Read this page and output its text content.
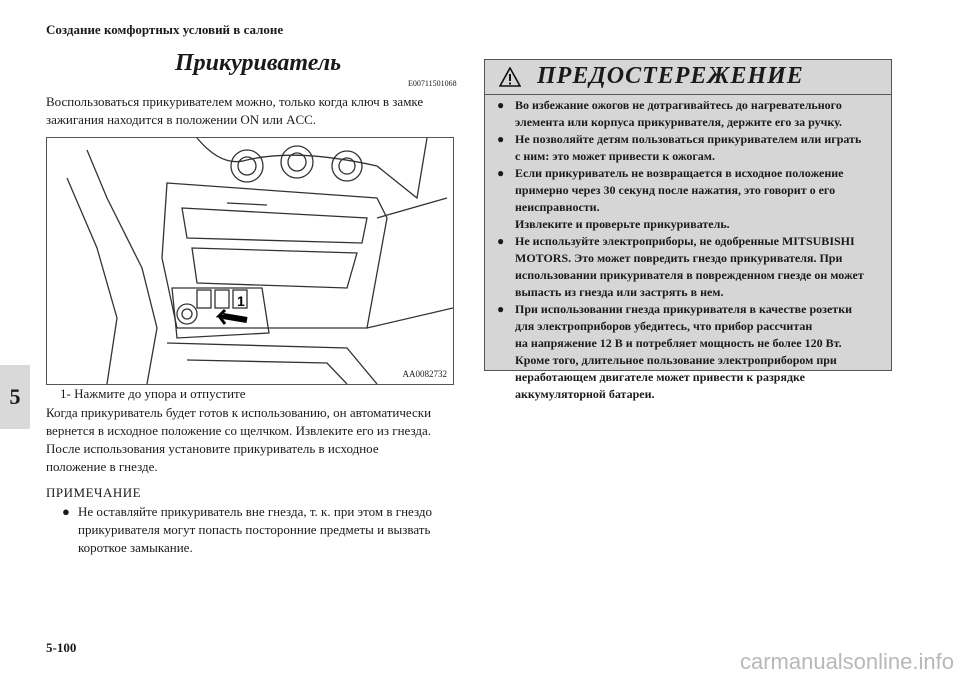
Создание комфортных условий в салоне
5
Прикуриватель
E00711501068
Воспользоваться прикуривателем можно, только когда ключ в замке
зажигания находится в положении ON или ACC.
1
AA0082732
1- Нажмите до упора и отпустите
Когда прикуриватель будет готов к использованию, он автоматически
вернется в исходное положение со щелчком. Извлеките его из гнезда.
После использования установите прикуриватель в исходное
положение в гнезде.
ПРИМЕЧАНИЕ
● Не оставляйте прикуриватель вне гнезда, т. к. при этом в гнездо
прикуривателя могут попасть посторонние предметы и вызвать
короткое замыкание.
ПРЕДОСТЕРЕЖЕНИЕ
● Во избежание ожогов не дотрагивайтесь до нагревательного
элемента или корпуса прикуривателя, держите его за ручку.
● Не позволяйте детям пользоваться прикуривателем или играть
с ним: это может привести к ожогам.
● Если прикуриватель не возвращается в исходное положение
примерно через 30 секунд после нажатия, это говорит о его
неисправности.
Извлеките и проверьте прикуриватель.
● Не используйте электроприборы, не одобренные MITSUBISHI
MOTORS. Это может повредить гнездо прикуривателя. При
использовании прикуривателя в поврежденном гнезде он может
выпасть из гнезда или застрять в нем.
● При использовании гнезда прикуривателя в качестве розетки
для электроприборов убедитесь, что прибор рассчитан
на напряжение 12 В и потребляет мощность не более 120 Вт.
Кроме того, длительное пользование электроприбором при
неработающем двигателе может привести к разрядке
аккумуляторной батареи.
5-100
carmanualsonline.info
